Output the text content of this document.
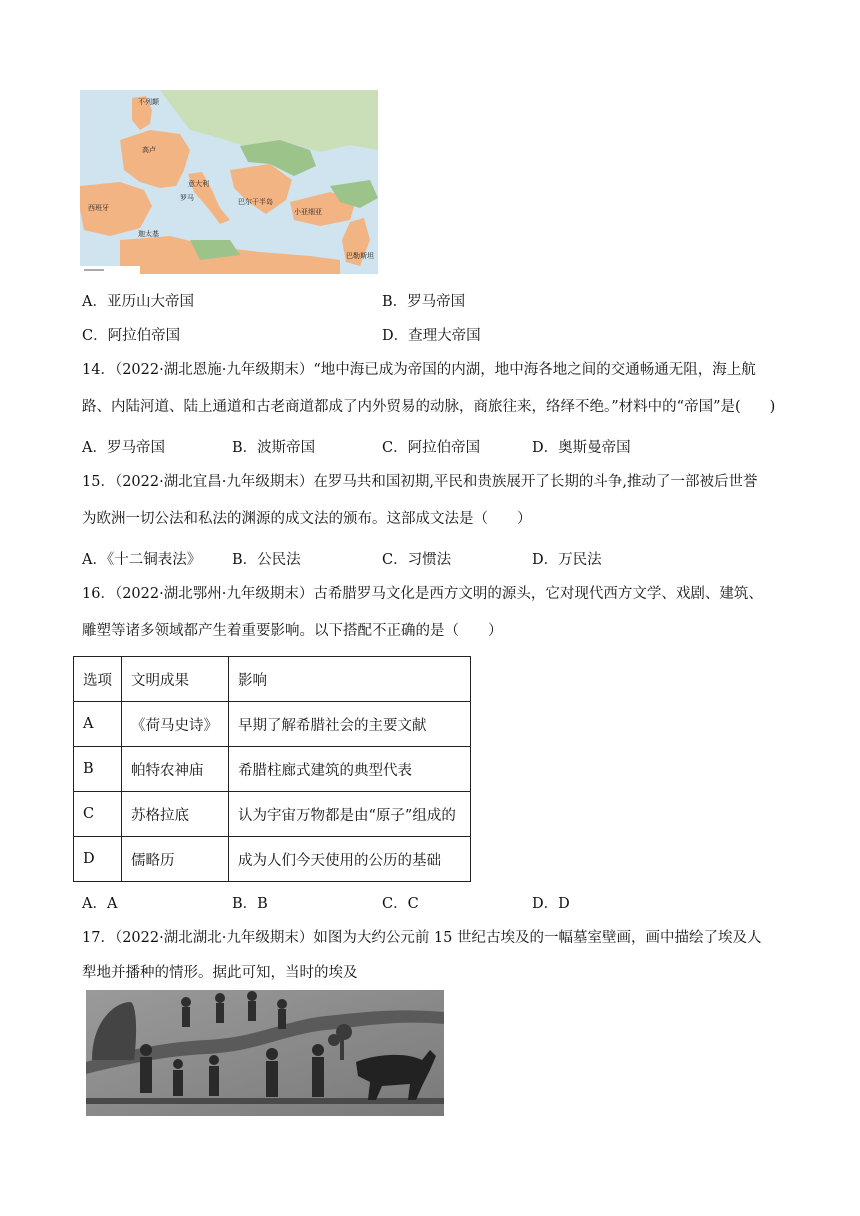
不列颠
高卢
西班牙
罗马
意大利
巴尔干半岛
小亚细亚
迦太基
巴勒斯坦
A．亚历山大帝国	B．罗马帝国
C．阿拉伯帝国	D．查理大帝国
14．（2022·湖北恩施·九年级期末）“地中海已成为帝国的内湖，地中海各地之间的交通畅通无阻，海上航
路、内陆河道、陆上通道和古老商道都成了内外贸易的动脉，商旅往来，络绎不绝。”材料中的“帝国”是(　　)
A．罗马帝国	B．波斯帝国	C．阿拉伯帝国	D．奥斯曼帝国
15．（2022·湖北宜昌·九年级期末）在罗马共和国初期,平民和贵族展开了长期的斗争,推动了一部被后世誉
为欧洲一切公法和私法的渊源的成文法的颁布。这部成文法是（　　）
A．《十二铜表法》 B．公民法	C．习惯法	D．万民法
16．（2022·湖北鄂州·九年级期末）古希腊罗马文化是西方文明的源头，它对现代西方文学、戏剧、建筑、
雕塑等诸多领域都产生着重要影响。以下搭配不正确的是（　　）
选项	文明成果	影响
A	《荷马史诗》	早期了解希腊社会的主要文献
B	帕特农神庙	希腊柱廊式建筑的典型代表
C	苏格拉底	认为宇宙万物都是由“原子”组成的
D	儒略历	成为人们今天使用的公历的基础
A．A	B．B	C．C	D．D
17．（2022·湖北湖北·九年级期末）如图为大约公元前 15 世纪古埃及的一幅墓室壁画，画中描绘了埃及人
犁地并播种的情形。据此可知，当时的埃及
